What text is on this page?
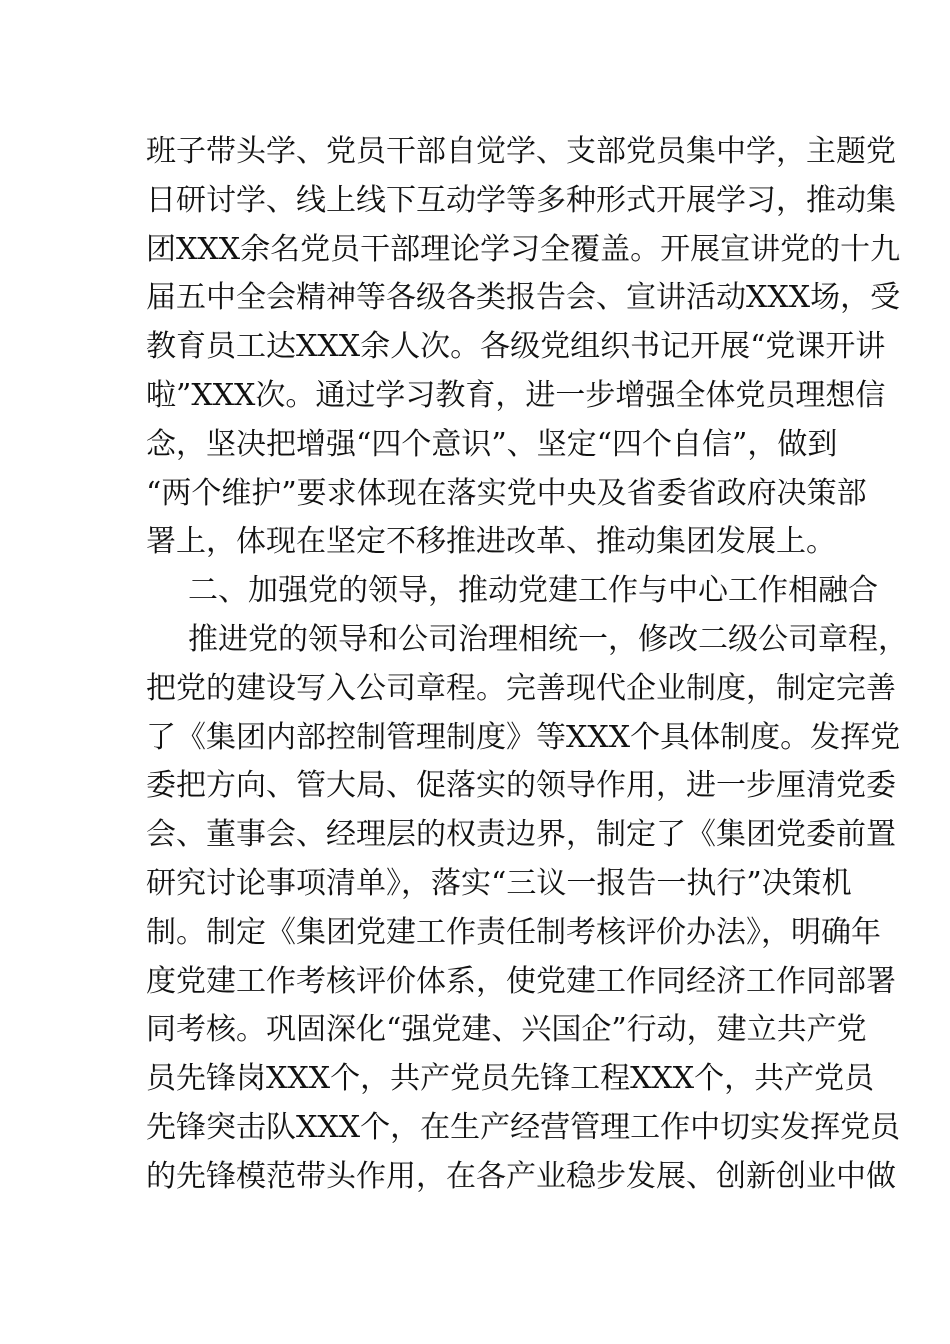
班子带头学、党员干部自觉学、支部党员集中学，主题党
日研讨学、线上线下互动学等多种形式开展学习，推动集
团XXX余名党员干部理论学习全覆盖。开展宣讲党的十九
届五中全会精神等各级各类报告会、宣讲活动XXX场，受
教育员工达XXX余人次。各级党组织书记开展“党课开讲
啦”XXX次。通过学习教育，进一步增强全体党员理想信
念，坚决把增强“四个意识”、坚定“四个自信”，做到
“两个维护”要求体现在落实党中央及省委省政府决策部
署上，体现在坚定不移推进改革、推动集团发展上。
二、加强党的领导，推动党建工作与中心工作相融合
推进党的领导和公司治理相统一，修改二级公司章程，
把党的建设写入公司章程。完善现代企业制度，制定完善
了《集团内部控制管理制度》等XXX个具体制度。发挥党
委把方向、管大局、促落实的领导作用，进一步厘清党委
会、董事会、经理层的权责边界，制定了《集团党委前置
研究讨论事项清单》，落实“三议一报告一执行”决策机
制。制定《集团党建工作责任制考核评价办法》，明确年
度党建工作考核评价体系，使党建工作同经济工作同部署
同考核。巩固深化“强党建、兴国企”行动，建立共产党
员先锋岗XXX个，共产党员先锋工程XXX个，共产党员
先锋突击队XXX个，在生产经营管理工作中切实发挥党员
的先锋模范带头作用，在各产业稳步发展、创新创业中做
